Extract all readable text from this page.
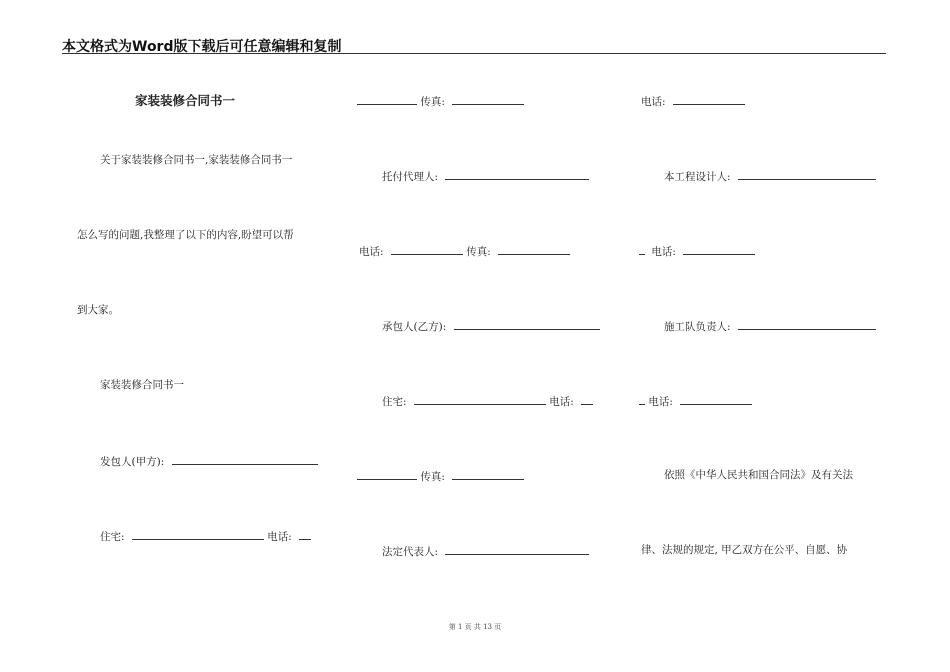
本文格式为Word版下载后可任意编辑和复制
家装装修合同书一
关于家装装修合同书一,家装装修合同书一
怎么写的问题,我整理了以下的内容,盼望可以帮
到大家。
家装装修合同书一
发包人(甲方):
住宅:	电话:
传真:
托付代理人:
电话:	传真:
承包人(乙方):
住宅:	电话:
传真:
法定代表人:
电话:
本工程设计人:
电话:
施工队负责人:
电话:
依照《中华人民共和国合同法》及有关法
律、法规的规定, 甲乙双方在公平、自愿、协
第 1 页 共 13 页
